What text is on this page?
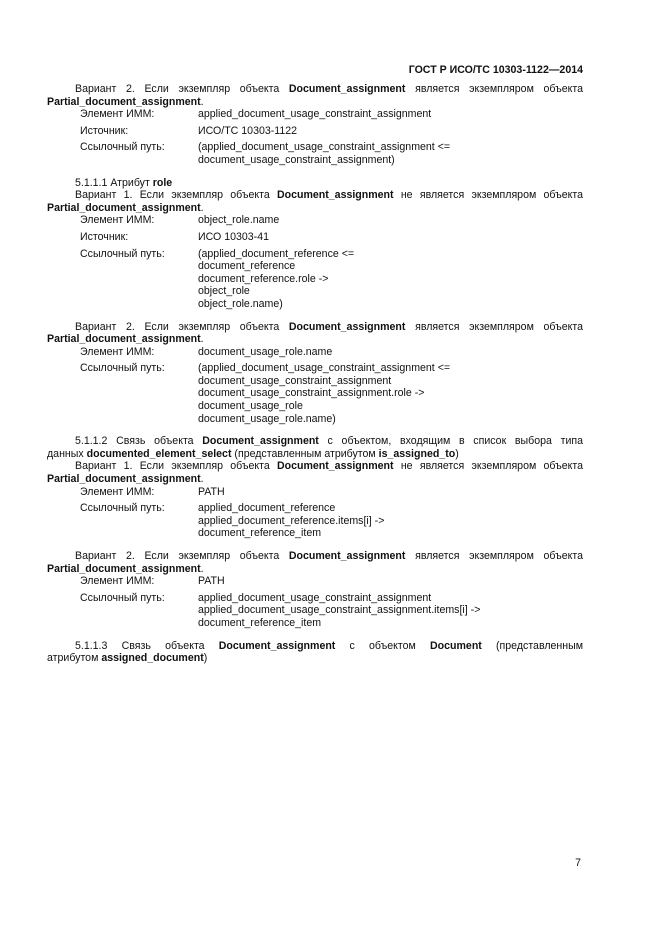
ГОСТ Р ИСО/ТС 10303-1122—2014
Вариант 2. Если экземпляр объекта Document_assignment является экземпляром объекта
Partial_document_assignment.
Элемент ИММ:	applied_document_usage_constraint_assignment
Источник:	ИСО/ТС 10303-1122
Ссылочный путь:	(applied_document_usage_constraint_assignment <=
document_usage_constraint_assignment)
5.1.1.1 Атрибут role
Вариант 1. Если экземпляр объекта Document_assignment не является экземпляром объекта
Partial_document_assignment.
Элемент ИММ:	object_role.name
Источник:	ИСО 10303-41
Ссылочный путь:	(applied_document_reference <=
document_reference
document_reference.role ->
object_role
object_role.name)
Вариант 2. Если экземпляр объекта Document_assignment является экземпляром объекта
Partial_document_assignment.
Элемент ИММ:	document_usage_role.name
Ссылочный путь:	(applied_document_usage_constraint_assignment <=
document_usage_constraint_assignment
document_usage_constraint_assignment.role ->
document_usage_role
document_usage_role.name)
5.1.1.2 Связь объекта Document_assignment с объектом, входящим в список выбора типа
данных documented_element_select (представленным атрибутом is_assigned_to)
Вариант 1. Если экземпляр объекта Document_assignment не является экземпляром объекта
Partial_document_assignment.
Элемент ИММ:	PATH
Ссылочный путь:	applied_document_reference
applied_document_reference.items[i] ->
document_reference_item
Вариант 2. Если экземпляр объекта Document_assignment является экземпляром объекта
Partial_document_assignment.
Элемент ИММ:	PATH
Ссылочный путь:	applied_document_usage_constraint_assignment
applied_document_usage_constraint_assignment.items[i] ->
document_reference_item
5.1.1.3 Связь объекта Document_assignment с объектом Document (представленным
атрибутом assigned_document)
7
